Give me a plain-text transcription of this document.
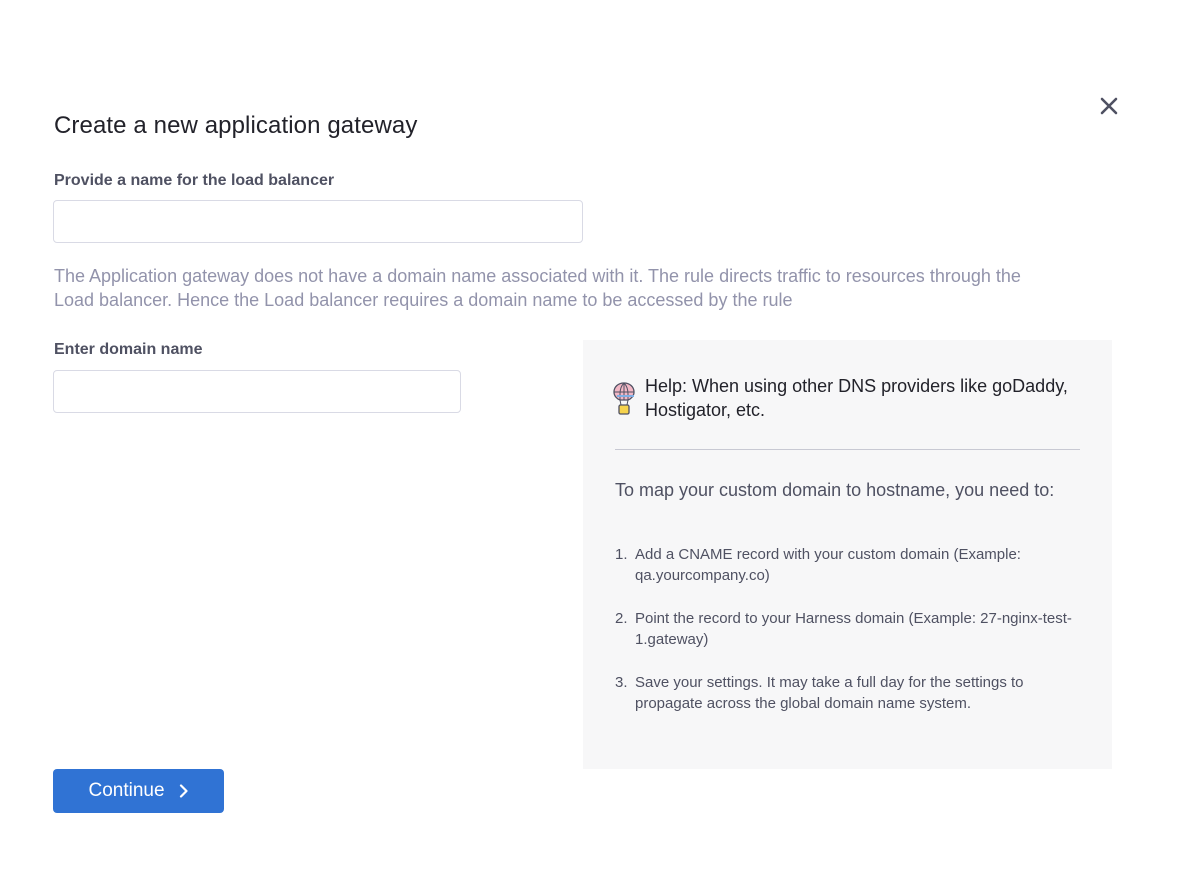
Create a new application gateway

Provide a name for the load balancer

The Application gateway does not have a domain name associated with it. The rule directs traffic to resources through the Load balancer. Hence the Load balancer requires a domain name to be accessed by the rule

Enter domain name

Help: When using other DNS providers like goDaddy, Hostigator, etc.

To map your custom domain to hostname, you need to:

1. Add a CNAME record with your custom domain (Example: qa.yourcompany.co)
2. Point the record to your Harness domain (Example: 27-nginx-test-1.gateway)
3. Save your settings. It may take a full day for the settings to propagate across the global domain name system.
Continue
